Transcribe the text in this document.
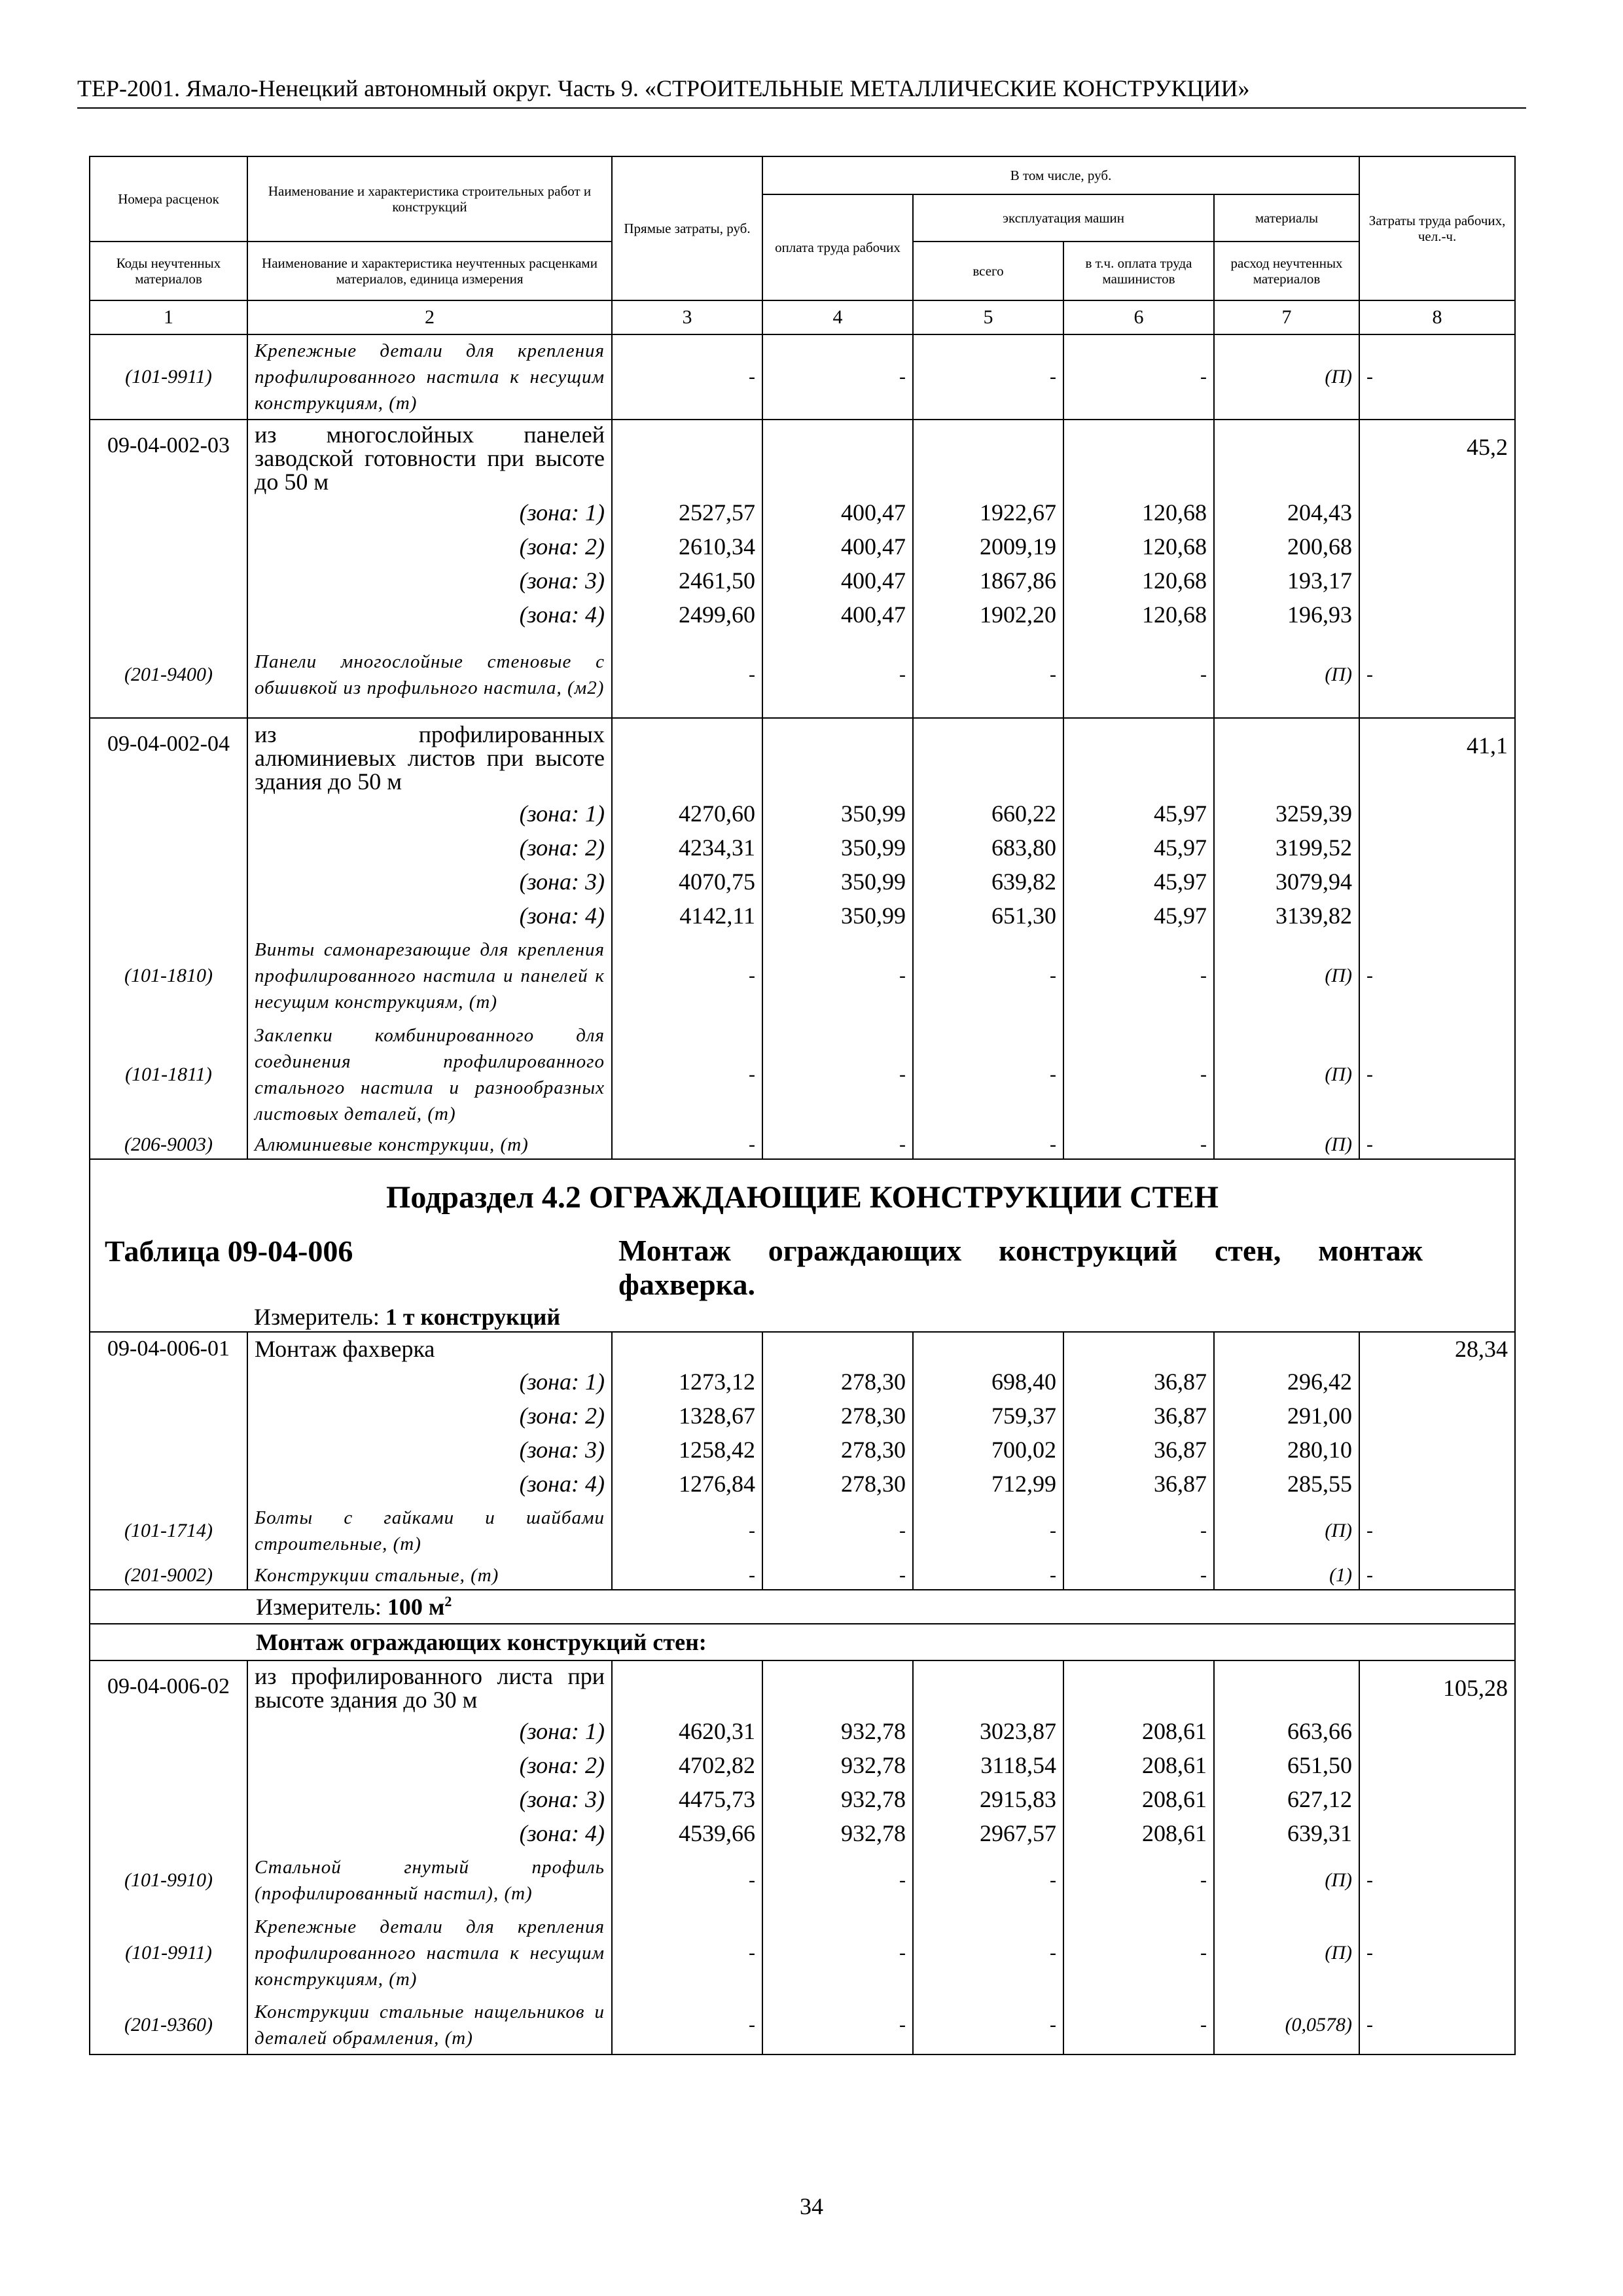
ТЕР-2001. Ямало-Ненецкий автономный округ. Часть 9. «СТРОИТЕЛЬНЫЕ МЕТАЛЛИЧЕСКИЕ КОНСТРУКЦИИ»
Номера расценок	Наименование и характеристика строительных работ и конструкций	Прямые затраты, руб.	В том числе, руб.				Затраты труда рабочих, чел.-ч.
			оплата труда рабочих	эксплуатация машин		материалы	
Коды неучтенных материалов	Наименование и характеристика неучтенных расценками материалов, единица измерения			всего	в т.ч. оплата труда машинистов	расход неучтенных материалов	

1	2	3	4	5	6	7	8
(101-9911)	Крепежные детали для крепления профилированного настила к несущим конструкциям, (т)	-	-	-	-	(П)	-
09-04-002-03	из многослойных панелей заводской готовности при высоте до 50 м						45,2
	(зона: 1)	2527,57	400,47	1922,67	120,68	204,43	
	(зона: 2)	2610,34	400,47	2009,19	120,68	200,68	
	(зона: 3)	2461,50	400,47	1867,86	120,68	193,17	
	(зона: 4)	2499,60	400,47	1902,20	120,68	196,93	
(201-9400)	Панели многослойные стеновые с обшивкой из профильного настила, (м2)	-	-	-	-	(П)	-
09-04-002-04	из профилированных алюминиевых листов при высоте здания до 50 м						41,1
	(зона: 1)	4270,60	350,99	660,22	45,97	3259,39	
	(зона: 2)	4234,31	350,99	683,80	45,97	3199,52	
	(зона: 3)	4070,75	350,99	639,82	45,97	3079,94	
	(зона: 4)	4142,11	350,99	651,30	45,97	3139,82	
(101-1810)	Винты самонарезающие для крепления профилированного настила и панелей к несущим конструкциям, (т)	-	-	-	-	(П)	-
(101-1811)	Заклепки комбинированного для соединения профилированного стального настила и разнообразных листовых деталей, (т)	-	-	-	-	(П)	-
(206-9003)	Алюминиевые конструкции, (т)	-	-	-	-	(П)	-
Подраздел 4.2 ОГРАЖДАЮЩИЕ КОНСТРУКЦИИ СТЕН							
Таблица 09-04-006		Монтаж ограждающих конструкций стен, монтаж фахверка.					
	Измеритель: 1 т конструкций						
09-04-006-01	Монтаж фахверка						28,34
	(зона: 1)	1273,12	278,30	698,40	36,87	296,42	
	(зона: 2)	1328,67	278,30	759,37	36,87	291,00	
	(зона: 3)	1258,42	278,30	700,02	36,87	280,10	
	(зона: 4)	1276,84	278,30	712,99	36,87	285,55	
(101-1714)	Болты с гайками и шайбами строительные, (т)	-	-	-	-	(П)	-
(201-9002)	Конструкции стальные, (т)	-	-	-	-	(1)	-
Измеритель: 100 $м^2$
Монтаж ограждающих конструкций стен:							
09-04-006-02	из профилированного листа при высоте здания до 30 м						105,28
	(зона: 1)	4620,31	932,78	3023,87	208,61	663,66	
	(зона: 2)	4702,82	932,78	3118,54	208,61	651,50	
	(зона: 3)	4475,73	932,78	2915,83	208,61	627,12	
	(зона: 4)	4539,66	932,78	2967,57	208,61	639,31	
(101-9910)	Стальной гнутый профиль (профилированный настил), (т)	-	-	-	-	(П)	-
(101-9911)	Крепежные детали для крепления профилированного настила к несущим конструкциям, (т)	-	-	-	-	(П)	-
(201-9360)	Конструкции стальные нащельников и деталей обрамления, (т)	-	-	-	-	(0,0578)	-
34
